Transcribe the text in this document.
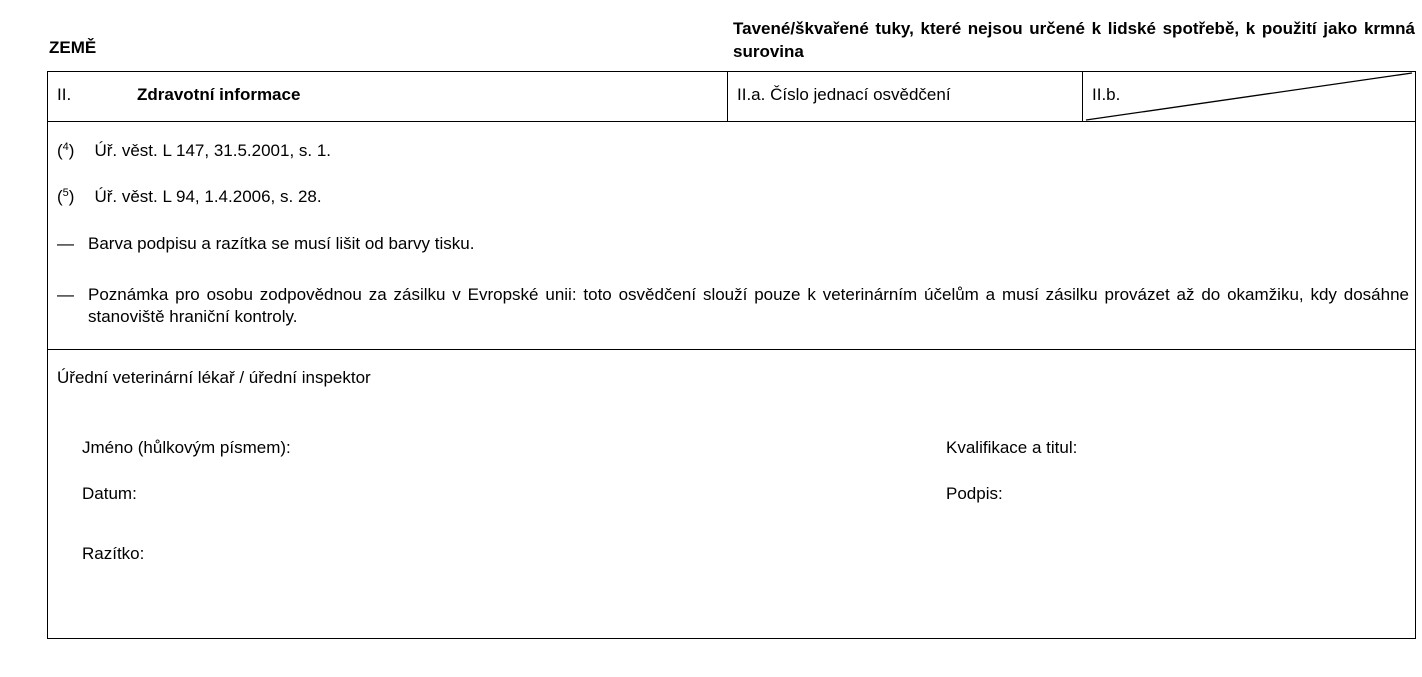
ZEMĚ
Tavené/škvařené tuky, které nejsou určené k lidské spotřebě, k použití jako krmná surovina
II.	Zdravotní informace	II.a. Číslo jednací osvědčení	II.b.
($^4$) Úř. věst. L 147, 31.5.2001, s. 1.
($^5$) Úř. věst. L 94, 1.4.2006, s. 28.
— Barva podpisu a razítka se musí lišit od barvy tisku.
— Poznámka pro osobu zodpovědnou za zásilku v Evropské unii: toto osvědčení slouží pouze k veterinárním účelům a musí zásilku provázet až do okamžiku, kdy dosáhne stanoviště hraniční kontroly.
Úřední veterinární lékař / úřední inspektor
Jméno (hůlkovým písmem):	Kvalifikace a titul:
Datum:	Podpis:
Razítko:
